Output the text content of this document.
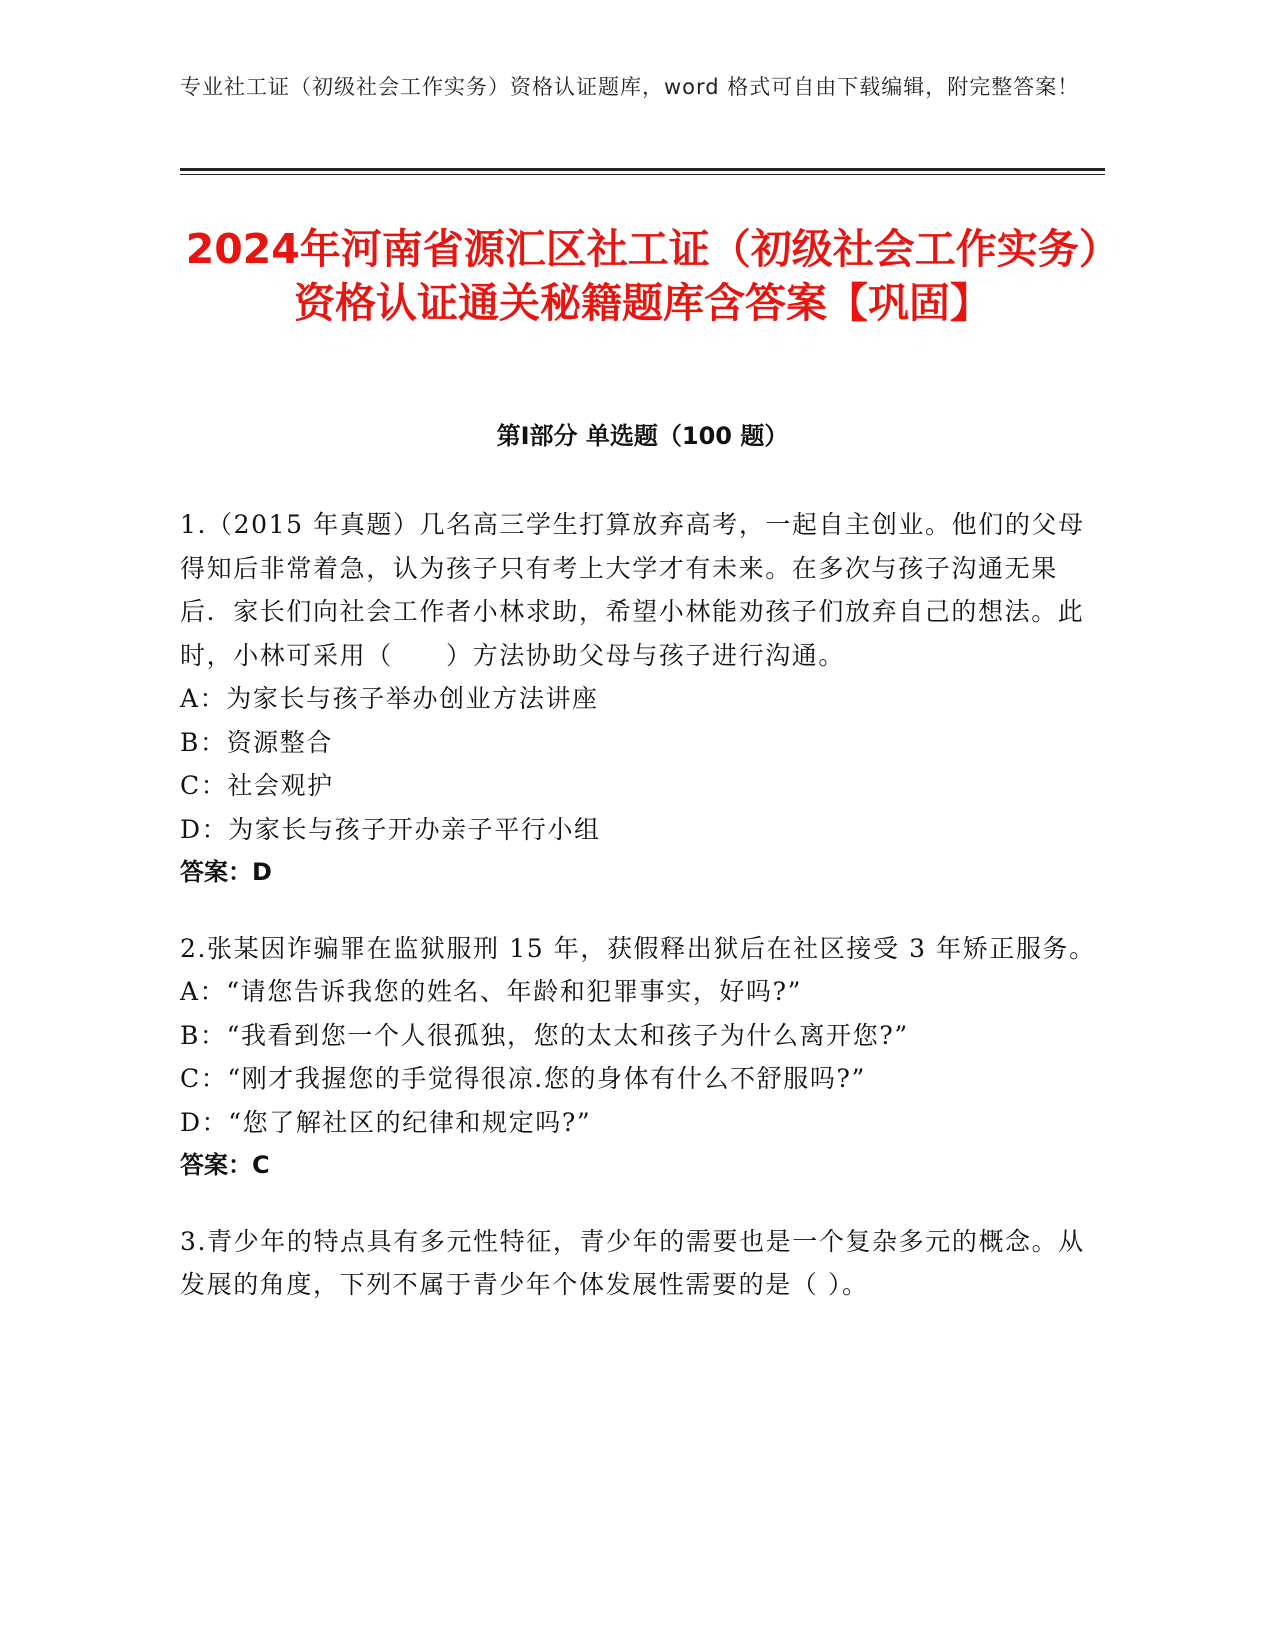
专业社工证（初级社会工作实务）资格认证题库，word 格式可自由下载编辑，附完整答案！
2024年河南省源汇区社工证（初级社会工作实务）资格认证通关秘籍题库含答案【巩固】
第Ⅰ部分 单选题（100 题）

1.（2015 年真题）几名高三学生打算放弃高考，一起自主创业。他们的父母得知后非常着急，认为孩子只有考上大学才有未来。在多次与孩子沟通无果后．家长们向社会工作者小林求助，希望小林能劝孩子们放弃自己的想法。此时，小林可采用（　　）方法协助父母与孩子进行沟通。

A：为家长与孩子举办创业方法讲座

B：资源整合

C：社会观护

D：为家长与孩子开办亲子平行小组

答案：D

2.张某因诈骗罪在监狱服刑 15 年，获假释出狱后在社区接受 3 年矫正服务。

A：“请您告诉我您的姓名、年龄和犯罪事实，好吗?”

B：“我看到您一个人很孤独，您的太太和孩子为什么离开您?”

C：“刚才我握您的手觉得很凉.您的身体有什么不舒服吗?”

D：“您了解社区的纪律和规定吗?”

答案：C

3.青少年的特点具有多元性特征，青少年的需要也是一个复杂多元的概念。从发展的角度，下列不属于青少年个体发展性需要的是（ ）。
